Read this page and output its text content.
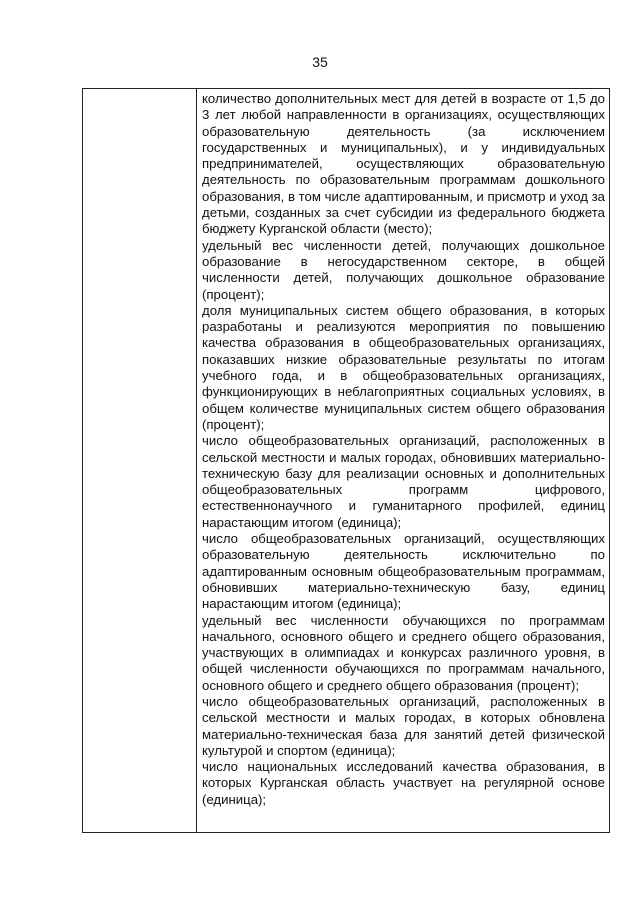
35

количество дополнительных мест для детей в возрасте от 1,5 до 3 лет любой направленности в организациях, осуществляющих образовательную деятельность (за исключением государственных и муниципальных), и у индивидуальных предпринимателей, осуществляющих образовательную деятельность по образовательным программам дошкольного образования, в том числе адаптированным, и присмотр и уход за детьми, созданных за счет субсидии из федерального бюджета бюджету Курганской области (место);

удельный вес численности детей, получающих дошкольное образование в негосударственном секторе, в общей численности детей, получающих дошкольное образование (процент);

доля муниципальных систем общего образования, в которых разработаны и реализуются мероприятия по повышению качества образования в общеобразовательных организациях, показавших низкие образовательные результаты по итогам учебного года, и в общеобразовательных организациях, функционирующих в неблагоприятных социальных условиях, в общем количестве муниципальных систем общего образования (процент);

число общеобразовательных организаций, расположенных в сельской местности и малых городах, обновивших материально-техническую базу для реализации основных и дополнительных общеобразовательных программ цифрового, естественнонаучного и гуманитарного профилей, единиц нарастающим итогом (единица);

число общеобразовательных организаций, осуществляющих образовательную деятельность исключительно по адаптированным основным общеобразовательным программам, обновивших материально-техническую базу, единиц нарастающим итогом (единица);

удельный вес численности обучающихся по программам начального, основного общего и среднего общего образования, участвующих в олимпиадах и конкурсах различного уровня, в общей численности обучающихся по программам начального, основного общего и среднего общего образования (процент);

число общеобразовательных организаций, расположенных в сельской местности и малых городах, в которых обновлена материально-техническая база для занятий детей физической культурой и спортом (единица);

число национальных исследований качества образования, в которых Курганская область участвует на регулярной основе (единица);
